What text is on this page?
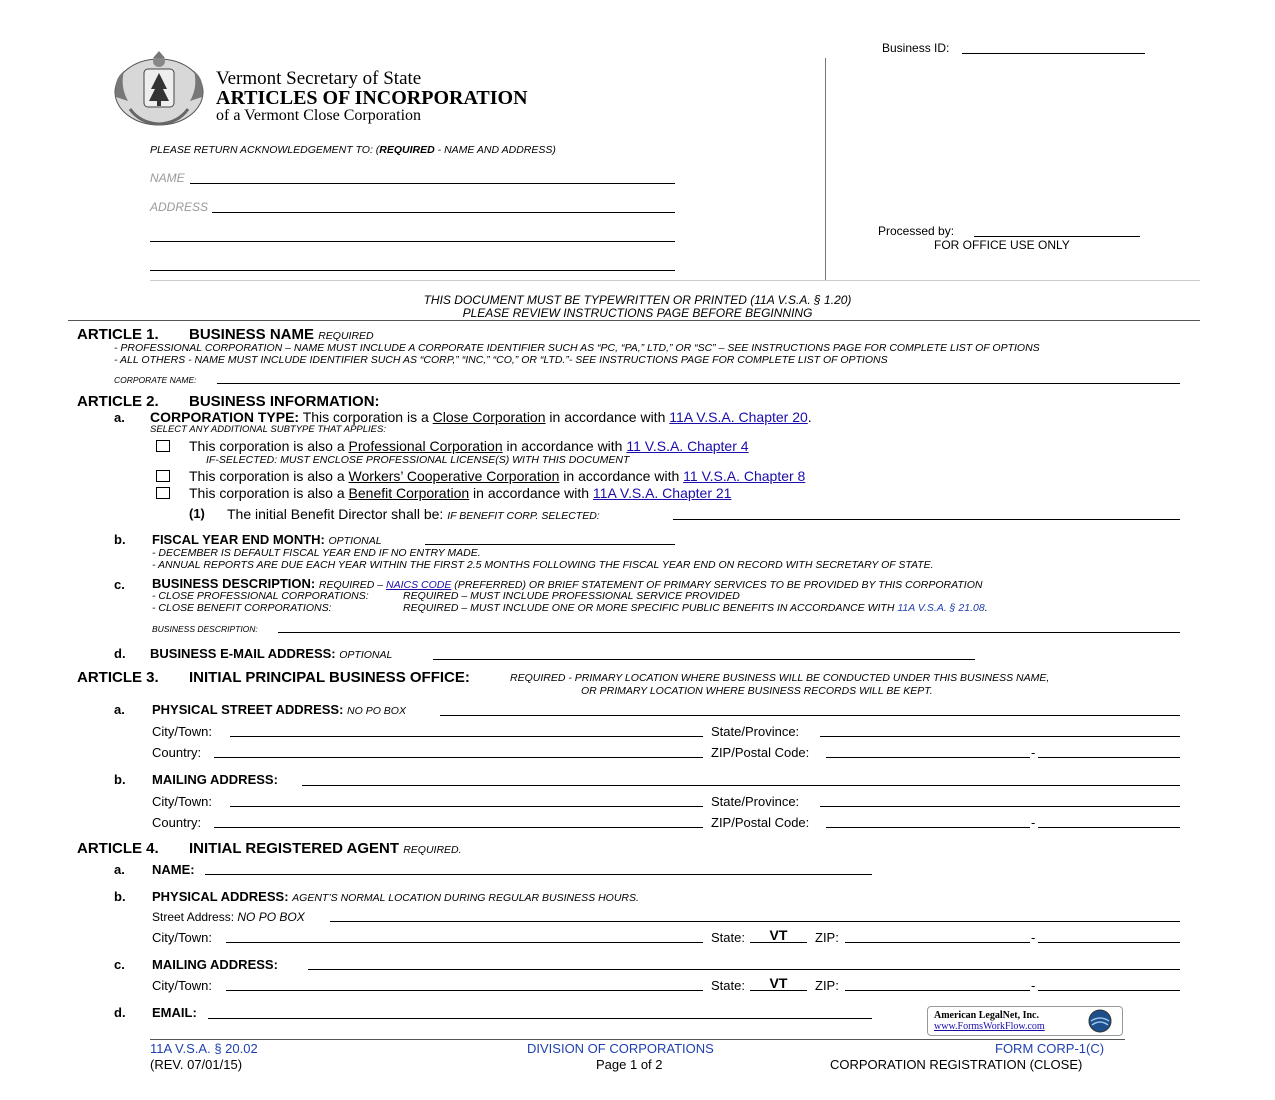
Business ID:
Vermont Secretary of State
ARTICLES OF INCORPORATION
of a Vermont Close Corporation
PLEASE RETURN ACKNOWLEDGEMENT TO: (REQUIRED - NAME AND ADDRESS)
NAME
ADDRESS
Processed by:
FOR OFFICE USE ONLY
THIS DOCUMENT MUST BE TYPEWRITTEN OR PRINTED (11A V.S.A. § 1.20)
PLEASE REVIEW INSTRUCTIONS PAGE BEFORE BEGINNING
ARTICLE 1. BUSINESS NAME REQUIRED
- PROFESSIONAL CORPORATION – NAME MUST INCLUDE A CORPORATE IDENTIFIER SUCH AS “PC, “PA,” LTD,” OR “SC” – SEE INSTRUCTIONS PAGE FOR COMPLETE LIST OF OPTIONS
- ALL OTHERS - NAME MUST INCLUDE IDENTIFIER SUCH AS “CORP,” “INC,” “CO,” OR “LTD.”- SEE INSTRUCTIONS PAGE FOR COMPLETE LIST OF OPTIONS
CORPORATE NAME:
ARTICLE 2. BUSINESS INFORMATION:
a. CORPORATION TYPE: This corporation is a Close Corporation in accordance with 11A V.S.A. Chapter 20.
SELECT ANY ADDITIONAL SUBTYPE THAT APPLIES:
This corporation is also a Professional Corporation in accordance with 11 V.S.A. Chapter 4
IF-SELECTED: MUST ENCLOSE PROFESSIONAL LICENSE(S) WITH THIS DOCUMENT
This corporation is also a Workers’ Cooperative Corporation in accordance with 11 V.S.A. Chapter 8
This corporation is also a Benefit Corporation in accordance with 11A V.S.A. Chapter 21
(1) The initial Benefit Director shall be: IF BENEFIT CORP. SELECTED:
b. FISCAL YEAR END MONTH: OPTIONAL
- DECEMBER IS DEFAULT FISCAL YEAR END IF NO ENTRY MADE.
- ANNUAL REPORTS ARE DUE EACH YEAR WITHIN THE FIRST 2.5 MONTHS FOLLOWING THE FISCAL YEAR END ON RECORD WITH SECRETARY OF STATE.
c. BUSINESS DESCRIPTION: REQUIRED – NAICS CODE (PREFERRED) OR BRIEF STATEMENT OF PRIMARY SERVICES TO BE PROVIDED BY THIS CORPORATION
- CLOSE PROFESSIONAL CORPORATIONS:	REQUIRED – MUST INCLUDE PROFESSIONAL SERVICE PROVIDED
- CLOSE BENEFIT CORPORATIONS:	REQUIRED – MUST INCLUDE ONE OR MORE SPECIFIC PUBLIC BENEFITS IN ACCORDANCE WITH 11A V.S.A. § 21.08.
BUSINESS DESCRIPTION:
d. BUSINESS E-MAIL ADDRESS: OPTIONAL
ARTICLE 3. INITIAL PRINCIPAL BUSINESS OFFICE:	REQUIRED - PRIMARY LOCATION WHERE BUSINESS WILL BE CONDUCTED UNDER THIS BUSINESS NAME,
OR PRIMARY LOCATION WHERE BUSINESS RECORDS WILL BE KEPT.
a. PHYSICAL STREET ADDRESS: NO PO BOX
City/Town:	State/Province:
Country:	ZIP/Postal Code:	-
b. MAILING ADDRESS:
City/Town:	State/Province:
Country:	ZIP/Postal Code:	-
ARTICLE 4. INITIAL REGISTERED AGENT REQUIRED.
a. NAME:
b. PHYSICAL ADDRESS: AGENT’S NORMAL LOCATION DURING REGULAR BUSINESS HOURS.
Street Address: NO PO BOX
City/Town:	State:	VT	ZIP:	-
c. MAILING ADDRESS:
City/Town:	State:	VT	ZIP:	-
d. EMAIL:	American LegalNet, Inc.
www.FormsWorkFlow.com
11A V.S.A. § 20.02
(REV. 07/01/15)
DIVISION OF CORPORATIONS
Page 1 of 2
FORM CORP-1(C)
CORPORATION REGISTRATION (CLOSE)
